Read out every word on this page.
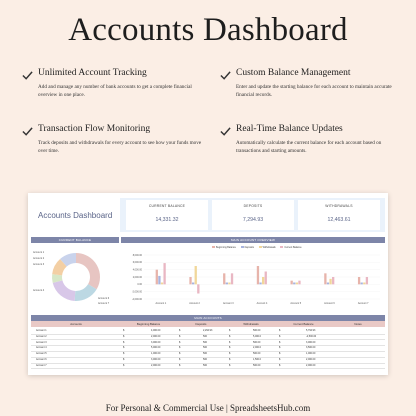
Accounts Dashboard
Unlimited Account Tracking
Add and manage any number of bank accounts to get a complete financial overview in one place.
Custom Balance Management
Enter and update the starting balance for each account to maintain accurate financial records.
Transaction Flow Monitoring
Track deposits and withdrawals for every account to see how your funds move over time.
Real-Time Balance Updates
Automatically calculate the current balance for each account based on transactions and starting amounts.
Accounts Dashboard
CURRENT BALANCE
14,331.32
DEPOSITS
7,294.93
WITHDRAWALS
12,463.61
CURRENT BALANCE	MAIN ACCOUNT OVERVIEW
Account 1
Account 2
Account 3
Account 4
Account 6
Account 7
Beginning Balance	Deposits	Withdrawals	Current Balance
8,000.00
6,000.00
4,000.00
2,000.00
0.00
-2,000.00
-4,000.00
Account 1	Account 2	Account 3	Account 4	Account 5	Account 6	Account 7
MAIN ACCOUNTS
Accounts	Beginning Balance	Deposits	Withdrawals	Current Balance	Notes
Account 1	$	4,000.00	$	2,294.93	$	500.00	$	5,794.93
Account 2	$	2,000.00	$	500	$	5,000.0	$	-2,500.00
Account 3	$	3,000.00	$	500	$	500.00	$	3,000.00
Account 4	$	5,000.00	$	500	$	2,000.0	$	3,500.00
Account 5	$	1,000.00	$	500	$	500.00	$	1,000.00
Account 6	$	3,000.00	$	500	$	1,500.0	$	2,000.00
Account 7	$	2,000.00	$	500	$	500.00	$	2,000.00
For Personal & Commercial Use | SpreadsheetsHub.com
